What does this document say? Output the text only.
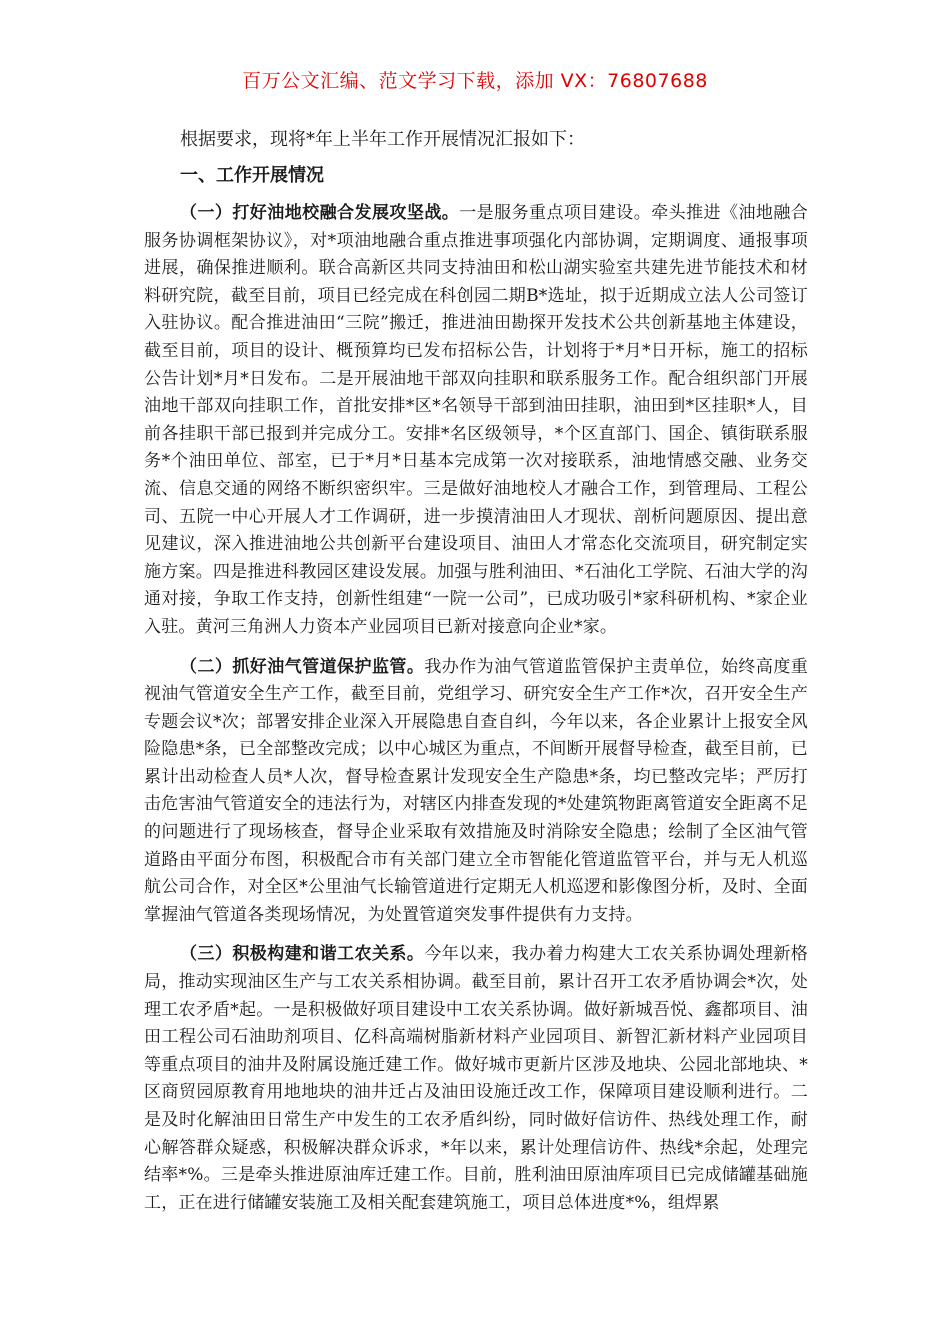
百万公文汇编、范文学习下载，添加 VX：76807688

根据要求，现将*年上半年工作开展情况汇报如下：

一、工作开展情况

（一）打好油地校融合发展攻坚战。一是服务重点项目建设。牵头推进《油地融合服务协调框架协议》，对*项油地融合重点推进事项强化内部协调，定期调度、通报事项进展，确保推进顺利。联合高新区共同支持油田和松山湖实验室共建先进节能技术和材料研究院，截至目前，项目已经完成在科创园二期B*选址，拟于近期成立法人公司签订入驻协议。配合推进油田“三院”搬迁，推进油田勘探开发技术公共创新基地主体建设，截至目前，项目的设计、概预算均已发布招标公告，计划将于*月*日开标，施工的招标公告计划*月*日发布。二是开展油地干部双向挂职和联系服务工作。配合组织部门开展油地干部双向挂职工作，首批安排*区*名领导干部到油田挂职，油田到*区挂职*人，目前各挂职干部已报到并完成分工。安排*名区级领导，*个区直部门、国企、镇街联系服务*个油田单位、部室，已于*月*日基本完成第一次对接联系，油地情感交融、业务交流、信息交通的网络不断织密织牢。三是做好油地校人才融合工作，到管理局、工程公司、五院一中心开展人才工作调研，进一步摸清油田人才现状、剖析问题原因、提出意见建议，深入推进油地公共创新平台建设项目、油田人才常态化交流项目，研究制定实施方案。四是推进科教园区建设发展。加强与胜利油田、*石油化工学院、石油大学的沟通对接，争取工作支持，创新性组建“一院一公司”，已成功吸引*家科研机构、*家企业入驻。黄河三角洲人力资本产业园项目已新对接意向企业*家。

（二）抓好油气管道保护监管。我办作为油气管道监管保护主责单位，始终高度重视油气管道安全生产工作，截至目前，党组学习、研究安全生产工作*次，召开安全生产专题会议*次；部署安排企业深入开展隐患自查自纠，今年以来，各企业累计上报安全风险隐患*条，已全部整改完成；以中心城区为重点，不间断开展督导检查，截至目前，已累计出动检查人员*人次，督导检查累计发现安全生产隐患*条，均已整改完毕；严厉打击危害油气管道安全的违法行为，对辖区内排查发现的*处建筑物距离管道安全距离不足的问题进行了现场核查，督导企业采取有效措施及时消除安全隐患；绘制了全区油气管道路由平面分布图，积极配合市有关部门建立全市智能化管道监管平台，并与无人机巡航公司合作，对全区*公里油气长输管道进行定期无人机巡逻和影像图分析，及时、全面掌握油气管道各类现场情况，为处置管道突发事件提供有力支持。

（三）积极构建和谐工农关系。今年以来，我办着力构建大工农关系协调处理新格局，推动实现油区生产与工农关系相协调。截至目前，累计召开工农矛盾协调会*次，处理工农矛盾*起。一是积极做好项目建设中工农关系协调。做好新城吾悦、鑫都项目、油田工程公司石油助剂项目、亿科高端树脂新材料产业园项目、新智汇新材料产业园项目等重点项目的油井及附属设施迁建工作。做好城市更新片区涉及地块、公园北部地块、*区商贸园原教育用地地块的油井迁占及油田设施迁改工作，保障项目建设顺利进行。二是及时化解油田日常生产中发生的工农矛盾纠纷，同时做好信访件、热线处理工作，耐心解答群众疑惑，积极解决群众诉求，*年以来，累计处理信访件、热线*余起，处理完结率*%。三是牵头推进原油库迁建工作。目前，胜利油田原油库项目已完成储罐基础施工，正在进行储罐安装施工及相关配套建筑施工，项目总体进度*%，组焊累
